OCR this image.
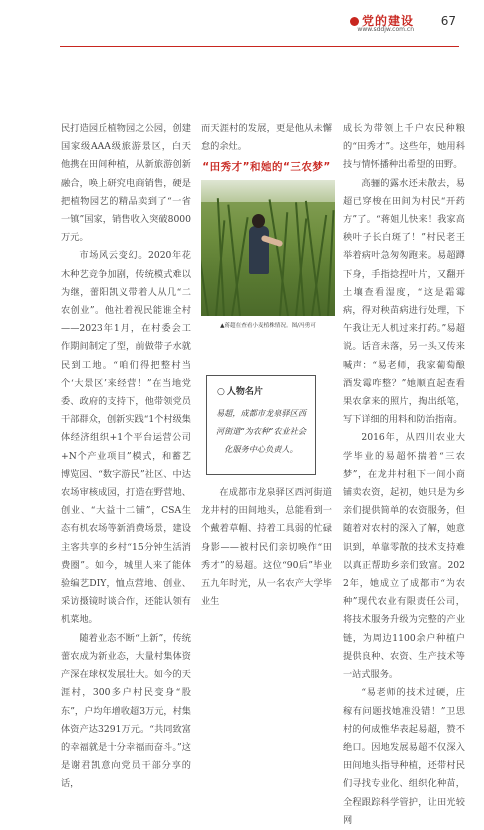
党的建设
www.sddjw.com.cn
67

民打造园丘植物园之公园，创建国家级AAA级旅游景区，白天他携在田间种植，从新旅游创新融合，唤上研究电商销售，硬是把植物园艺的精品卖到了“一省一镇”国家，销售收入突破8000万元。

市场风云变幻。2020年花木种艺竞争加剧，传统模式难以为继，蕾阳凯义带着人从几“二农创业”。他社着视民能谁全村——2023年1月，在村委会工作期间制定了型，前做带子水就民到工地。“咱们得把整村当个‘大景区’来经营！”在当地党委、政府的支持下，他带领党员干部群众，创新实践“1个村级集体经济组织+1个平台运营公司+N个产业项目”模式，和蓄艺博览园、“数字游民”社区、中达农场审核成园，打造在野营地、创业、“大益十二铺”，CSA生态有机农场等新消费场景，建设主客共享的乡村“15分钟生活消费圈”。如今，城里人来了能体验编艺DIY，恤点营地、创业、采访摄镜时谈合作，还能认领有机菜地。

随着业态不断“上新”，传统蕾农成为新业态，大量村集体资产深在球权发展壮大。如今的天涯村，300多户村民变身“股东”，户均年增收超3万元，村集体资产达3291万元。“共同致富的幸福就是十分幸福而奋斗。”这是谢君凯意向党员干部分享的话，

而天涯村的发展，更是他从未懈怠的余灶。

“田秀才”和她的“三农梦”
▲蒋超在查看小麦植株情况。图/冯勇可
○ 人物名片
易超，成都市龙泉驿区西河街道“为农种”农业社会化服务中心负责人。

在成都市龙泉驿区西河街道龙井村的田间地头，总能看到一个戴着草帽、持着工具弱的忙碌身影——被村民们亲切唤作“田秀才”的易超。这位“90后”毕业五九年时光，从一名农产大学毕业生

成长为带领上千户农民种粮的“田秀才”。这些年，她用科技与情怀播种出希望的田野。

高骊的露水还未散去，易超已穿梭在田间为村民“开药方”了。“蒋姐儿快来！我家高秧叶子长白斑了！”村民老王举着病叶急匆匆跑来。易超蹲下身，手指捻捏叶片，又翻开土壤查看湿度，“这是霜霉病，得对秧苗病进行处理，下午我让无人机过来打药。”易超说。话音未落，另一头又传来喊声：“易老师，我家葡萄酿酒发霉咋整？”她顺直起查看果农拿来的照片，掏出纸笔，写下详细的用料和防治指南。

2016年，从四川农业大学毕业的易超怀揣着“三农梦”，在龙井村租下一间小商铺卖农资，起初，她只是为乡亲们提供简单的农资服务，但随着对农村的深入了解，她意识到，单靠零散的技术支持难以真正帮助乡亲们致富。2022年，她成立了成都市“为农种”现代农业有限责任公司，将技术服务升级为完整的产业链，为周边1100余户种植户提供良种、农资、生产技术等一站式服务。

“易老师的技术过硬，庄稼有问题找她准没错！”卫思村的何成惟华表起易超，赞不绝口。因地发展易超不仅深入田间地头指导种植，还带村民们寻找专业化、组织化种苗，全程跟踪科学管护，让田光较网
